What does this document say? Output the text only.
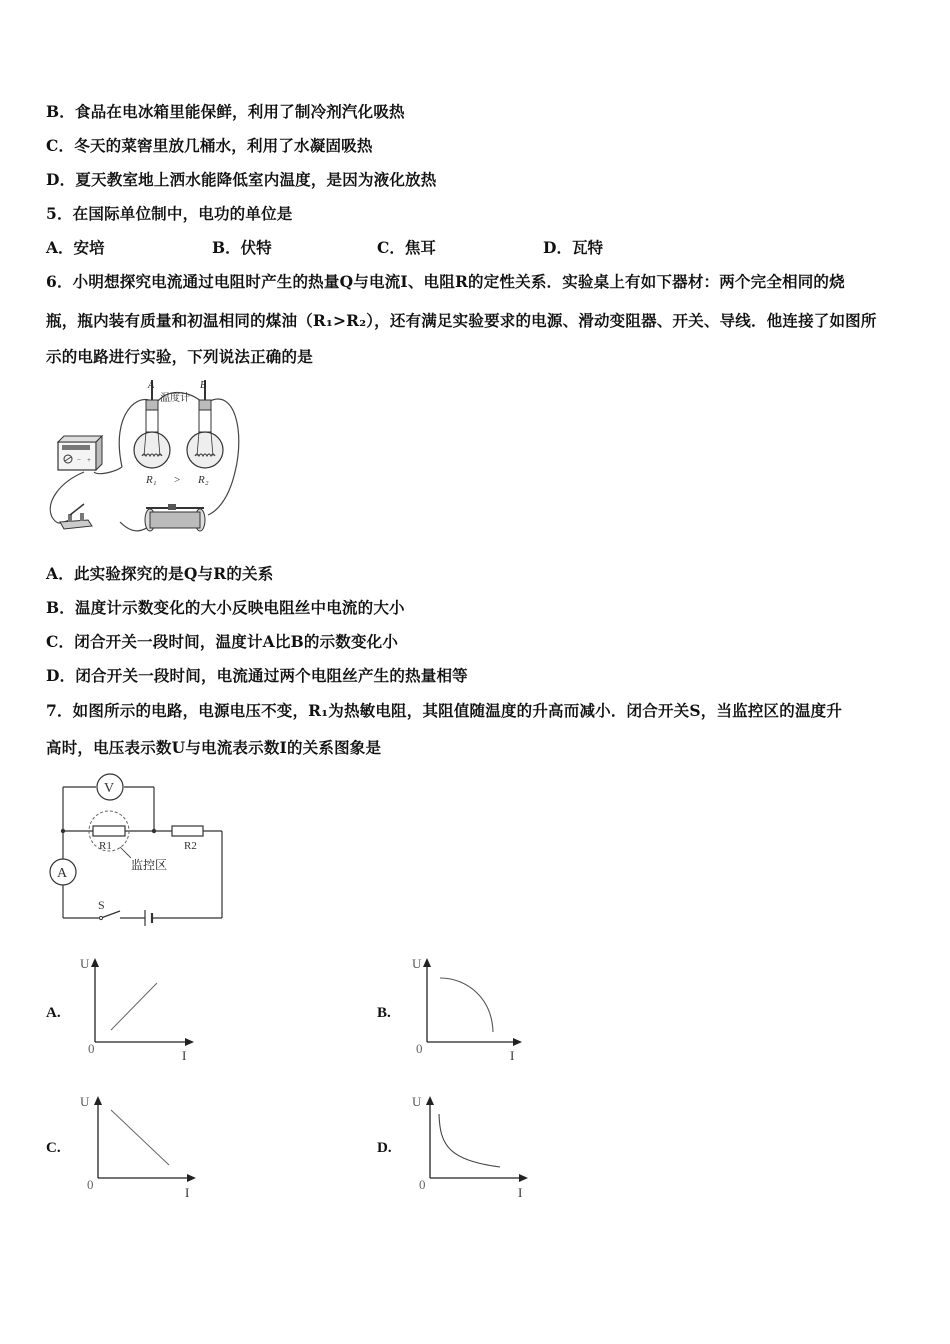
B．食品在电冰箱里能保鲜，利用了制冷剂汽化吸热
C．冬天的菜窖里放几桶水，利用了水凝固吸热
D．夏天教室地上洒水能降低室内温度，是因为液化放热
5．在国际单位制中，电功的单位是
A．安培	B．伏特	C．焦耳	D．瓦特
6．小明想探究电流通过电阻时产生的热量Q与电流I、电阻R的定性关系．实验桌上有如下器材：两个完全相同的烧
瓶，瓶内装有质量和初温相同的煤油（R₁>R₂），还有满足实验要求的电源、滑动变阻器、开关、导线．他连接了如图所
示的电路进行实验，下列说法正确的是
− +
A	B
温度计
R₁ > R₂
A．此实验探究的是Q与R的关系
B．温度计示数变化的大小反映电阻丝中电流的大小
C．闭合开关一段时间，温度计A比B的示数变化小
D．闭合开关一段时间，电流通过两个电阻丝产生的热量相等
7．如图所示的电路，电源电压不变，R₁为热敏电阻，其阻值随温度的升高而减小．闭合开关S，当监控区的温度升
高时，电压表示数U与电流表示数I的关系图象是
V
A
R1
监控区
R2
S
A.
U
0	I
B.
U
0	I
C.
U
0
I
D.
U
0
I
